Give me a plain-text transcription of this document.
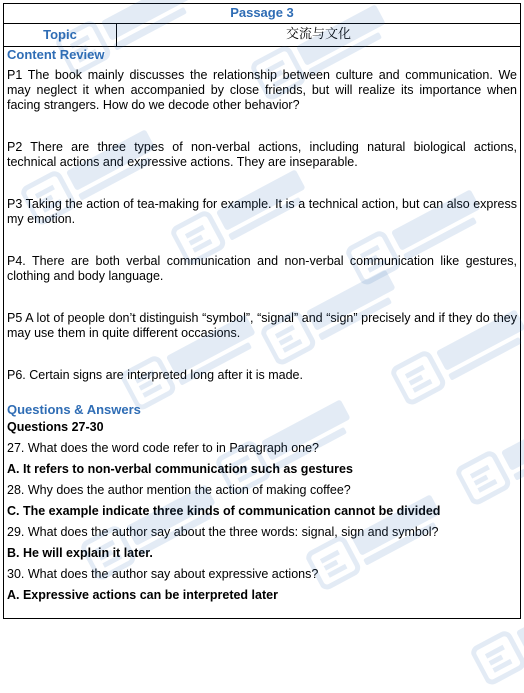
Passage 3
Topic	交流与文化

Content Review

P1 The book mainly discusses the relationship between culture and communication. We may neglect it when accompanied by close friends, but will realize its importance when facing strangers. How do we decode other behavior?

P2 There are three types of non-verbal actions, including natural biological actions, technical actions and expressive actions. They are inseparable.

P3 Taking the action of tea-making for example. It is a technical action, but can also express my emotion.

P4. There are both verbal communication and non-verbal communication like gestures, clothing and body language.

P5 A lot of people don’t distinguish “symbol”, “signal” and “sign” precisely and if they do they may use them in quite different occasions.

P6. Certain signs are interpreted long after it is made.

Questions & Answers

Questions 27-30

27. What does the word code refer to in Paragraph one?

A. It refers to non-verbal communication such as gestures

28. Why does the author mention the action of making coffee?

C. The example indicate three kinds of communication cannot be divided

29. What does the author say about the three words: signal, sign and symbol?

B. He will explain it later.

30. What does the author say about expressive actions?

A. Expressive actions can be interpreted later
